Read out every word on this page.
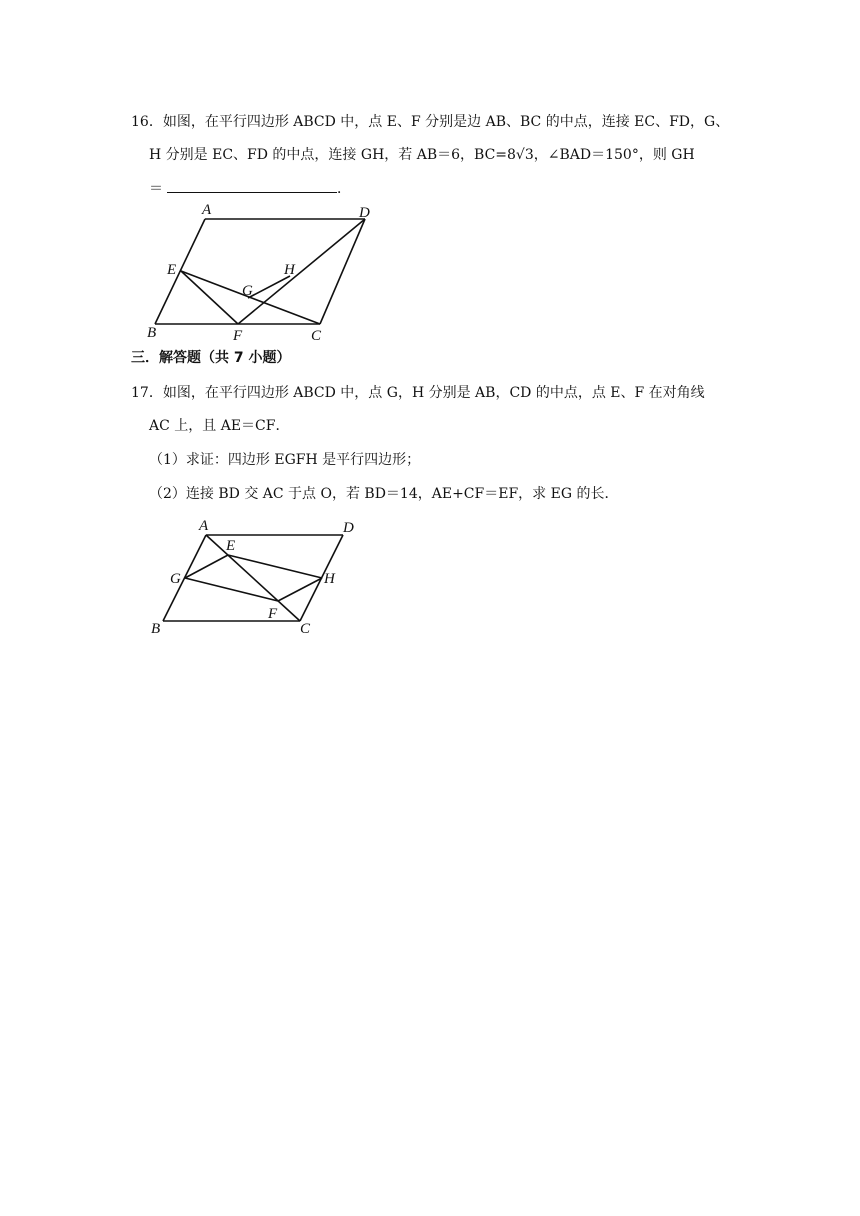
16．如图，在平行四边形 ABCD 中，点 E、F 分别是边 AB、BC 的中点，连接 EC、FD，G、
H 分别是 EC、FD 的中点，连接 GH，若 AB＝6，BC=8√3，∠BAD＝150°，则 GH
＝	．
A	D
E	H
G
B	F	C
三．解答题（共 7 小题）
17．如图，在平行四边形 ABCD 中，点 G，H 分别是 AB，CD 的中点，点 E、F 在对角线
AC 上，且 AE＝CF．
（1）求证：四边形 EGFH 是平行四边形；
（2）连接 BD 交 AC 于点 O，若 BD＝14，AE+CF＝EF，求 EG 的长．
A	D
E
G	H
F
B	C
